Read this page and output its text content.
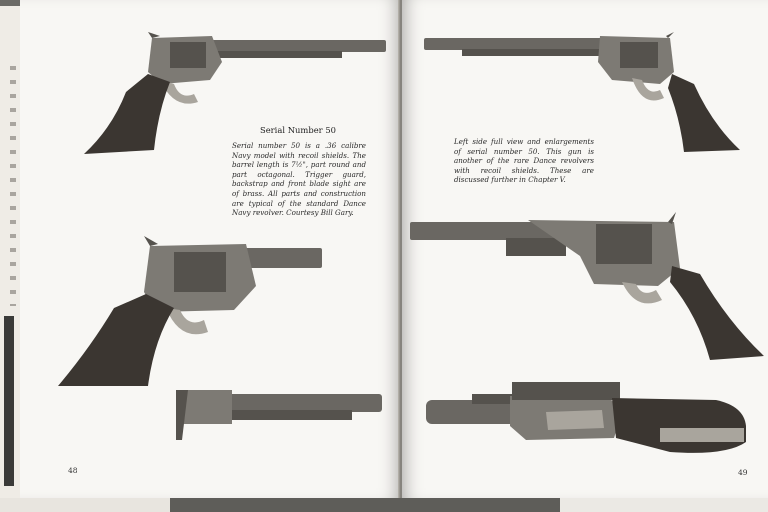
Serial Number 50
Serial number 50 is a .36 calibre Navy model with recoil shields. The barrel length is 7½", part round and part octagonal. Trigger guard, backstrap and front blade sight are of brass. All parts and construction are typical of the standard Dance Navy revolver. Courtesy Bill Gary.
48
Left side full view and enlargements of serial number 50. This gun is another of the rare Dance revolvers with recoil shields. These are discussed further in Chapter V.
49
